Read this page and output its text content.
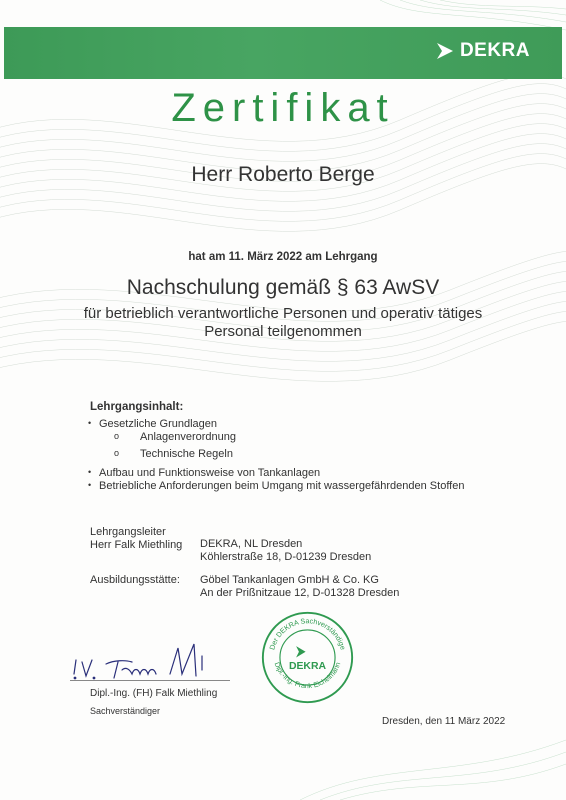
DEKRA
Zertifikat
Herr Roberto Berge
hat am 11. März 2022 am Lehrgang
Nachschulung gemäß § 63 AwSV
für betrieblich verantwortliche Personen und operativ tätiges
Personal teilgenommen
Lehrgangsinhalt:
• Gesetzliche Grundlagen
o Anlagenverordnung
o Technische Regeln
• Aufbau und Funktionsweise von Tankanlagen
• Betriebliche Anforderungen beim Umgang mit wassergefährdenden Stoffen
Lehrgangsleiter
Herr Falk Miethling DEKRA, NL Dresden
Köhlerstraße 18, D-01239 Dresden
Ausbildungsstätte: Göbel Tankanlagen GmbH & Co. KG
An der Prißnitzaue 12, D-01328 Dresden
Dipl.-Ing. (FH) Falk Miethling
Sachverständiger
Der DEKRA Sachverständige
Dipl.-Ing. Frank Eichelmann
DEKRA
Dresden, den 11 März 2022
